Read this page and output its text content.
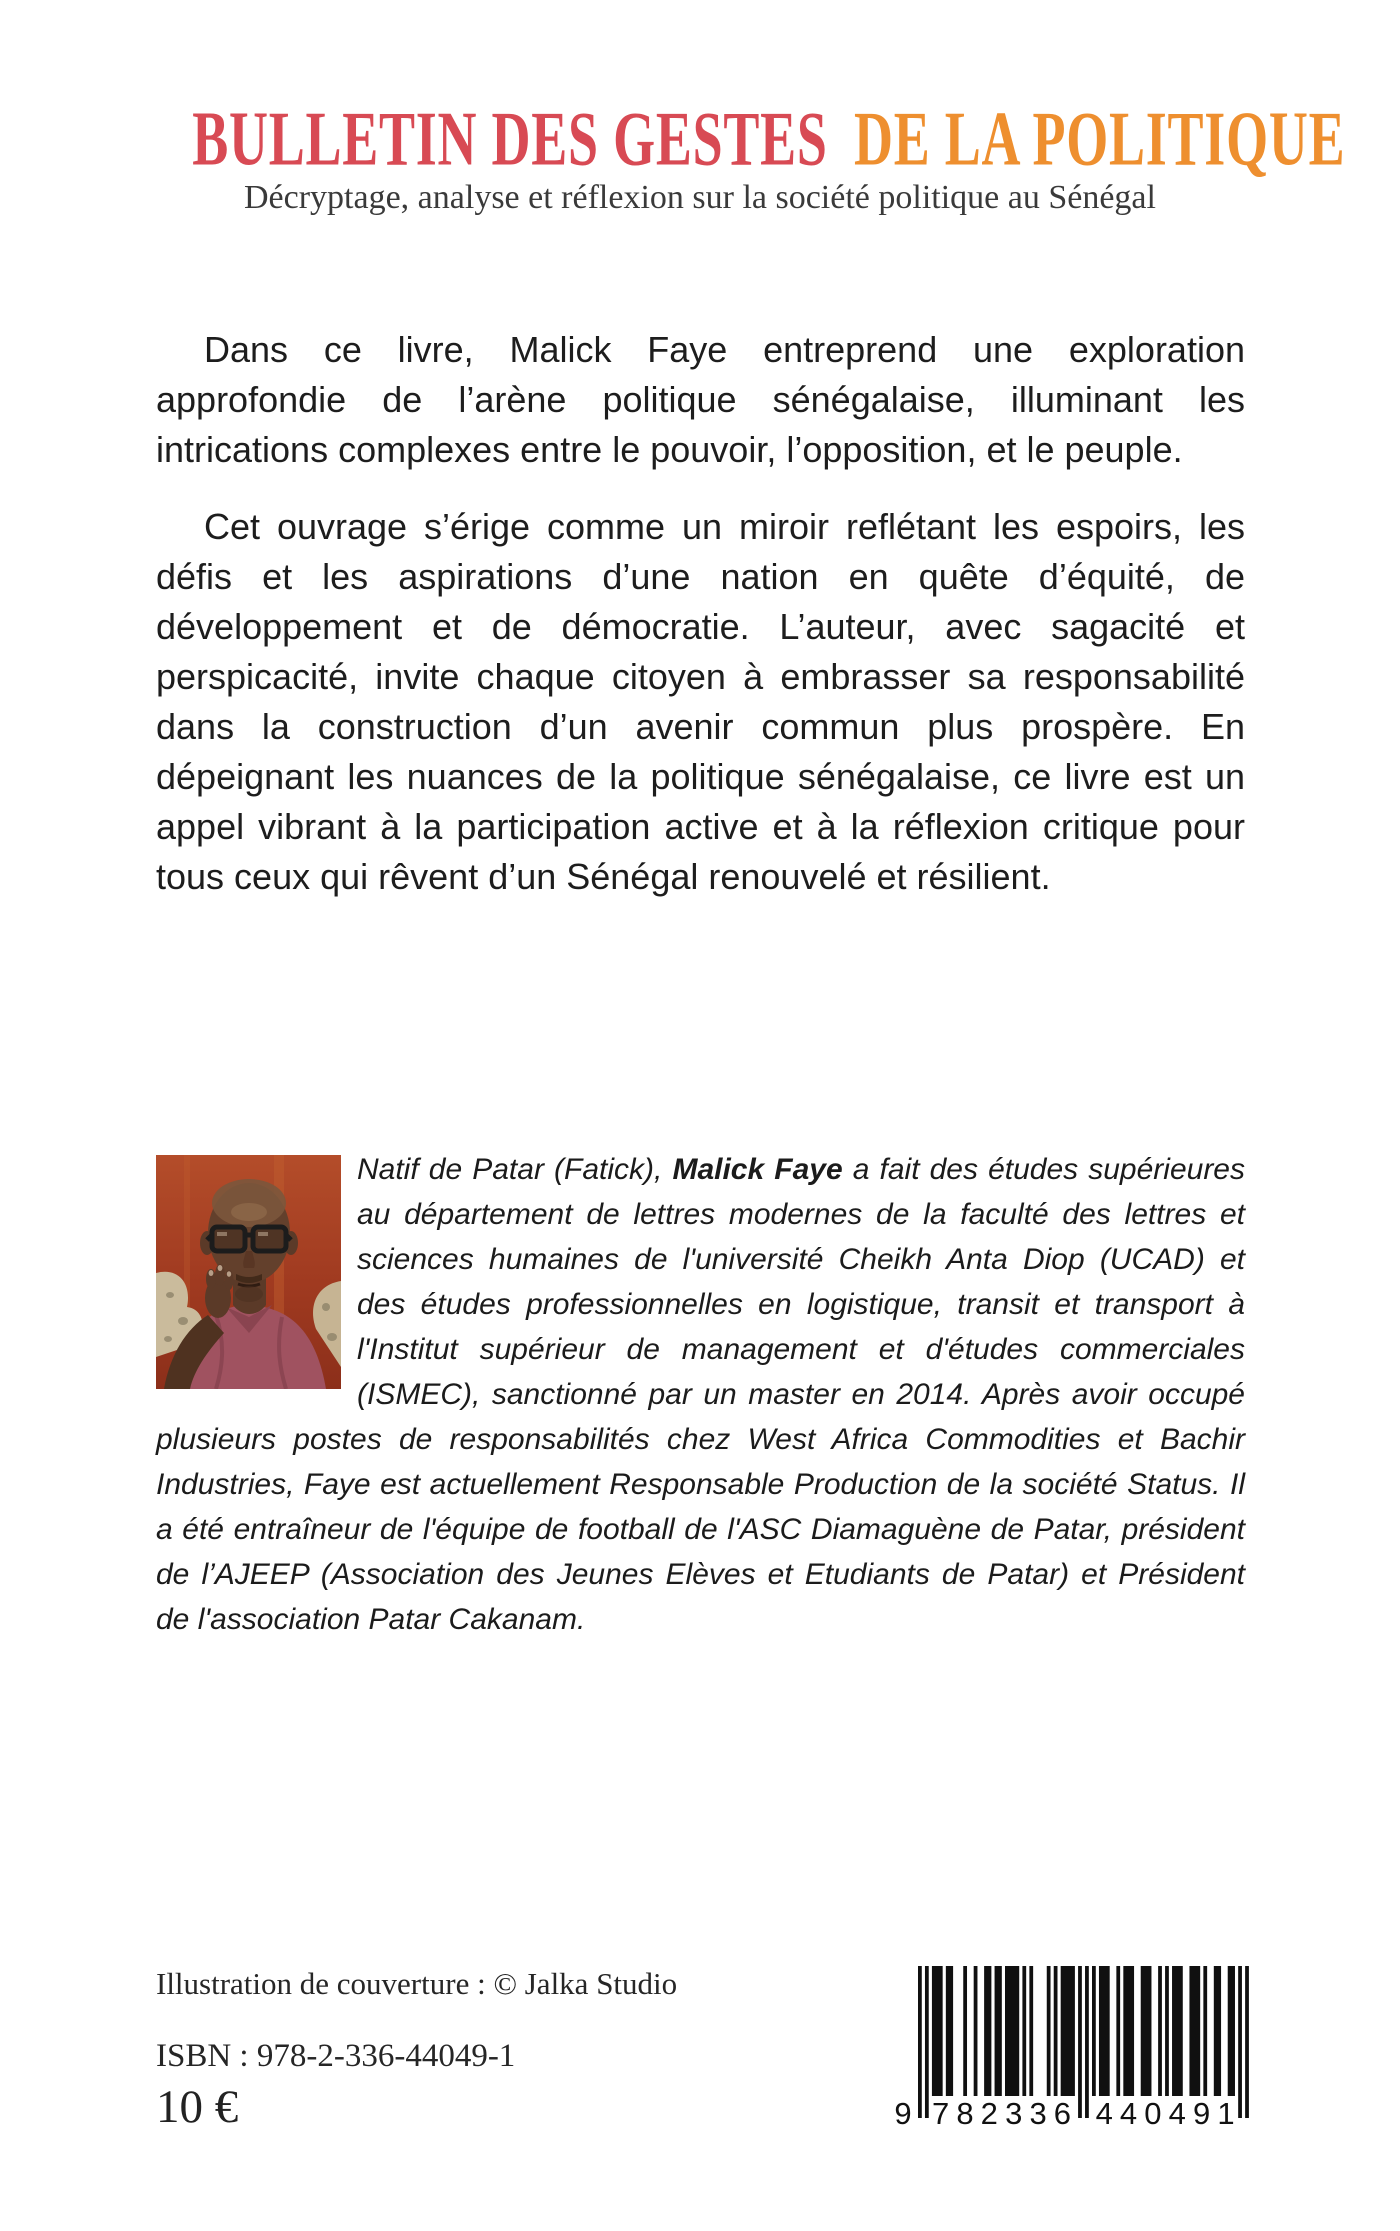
BULLETIN DES GESTES DE LA POLITIQUE
Décryptage, analyse et réflexion sur la société politique au Sénégal

Dans ce livre, Malick Faye entreprend une exploration approfondie de l’arène politique sénégalaise, illuminant les intrications complexes entre le pouvoir, l’opposition, et le peuple.

Cet ouvrage s’érige comme un miroir reflétant les espoirs, les défis et les aspirations d’une nation en quête d’équité, de développement et de démocratie. L’auteur, avec sagacité et perspicacité, invite chaque citoyen à embrasser sa responsabilité dans la construction d’un avenir commun plus prospère. En dépeignant les nuances de la politique sénégalaise, ce livre est un appel vibrant à la participation active et à la réflexion critique pour tous ceux qui rêvent d’un Sénégal renouvelé et résilient.

Natif de Patar (Fatick), Malick Faye a fait des études supérieures au département de lettres modernes de la faculté des lettres et sciences humaines de l'université Cheikh Anta Diop (UCAD) et des études professionnelles en logistique, transit et transport à l'Institut supérieur de management et d'études commerciales (ISMEC), sanctionné par un master en 2014. Après avoir occupé plusieurs postes de responsabilités chez West Africa Commodities et Bachir Industries, Faye est actuellement Responsable Production de la société Status. Il a été entraîneur de l'équipe de football de l'ASC Diamaguène de Patar, président de l’AJEEP (Association des Jeunes Elèves et Etudiants de Patar) et Président de l'association Patar Cakanam.

Illustration de couverture : © Jalka Studio
ISBN : 978-2-336-44049-1
10 €	9 7	4
8	4
2	0
3	4
3	9
6	1
